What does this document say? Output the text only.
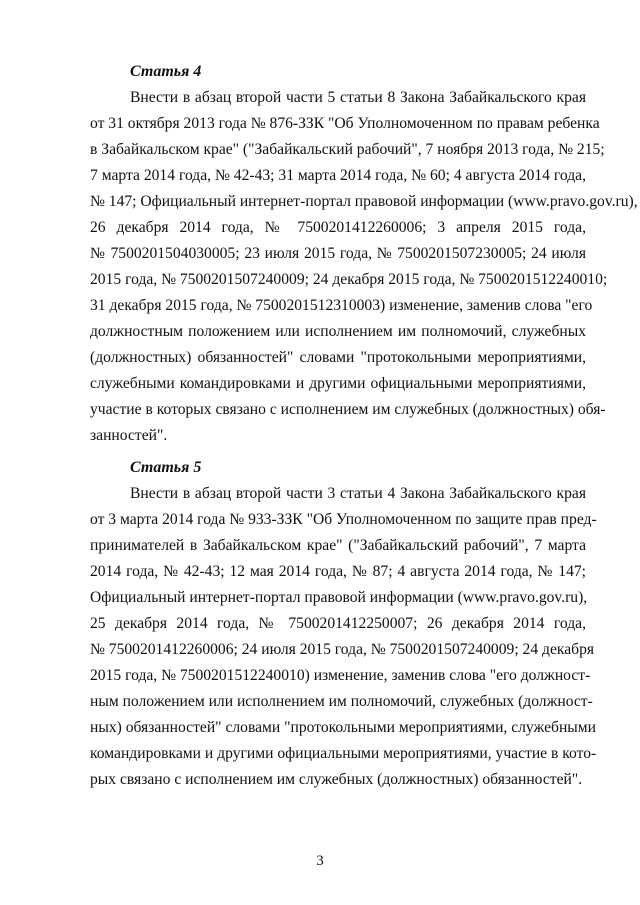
Статья 4
Внести в абзац второй части 5 статьи 8 Закона Забайкальского края
от 31 октября 2013 года № 876-ЗЗК "Об Уполномоченном по правам ребенка
в Забайкальском крае" ("Забайкальский рабочий", 7 ноября 2013 года, № 215;
7 марта 2014 года, № 42-43; 31 марта 2014 года, № 60; 4 августа 2014 года,
№ 147; Официальный интернет-портал правовой информации (www.pravo.gov.ru),
26 декабря 2014 года, № 7500201412260006; 3 апреля 2015 года,
№ 7500201504030005; 23 июля 2015 года, № 7500201507230005; 24 июля
2015 года, № 7500201507240009; 24 декабря 2015 года, № 7500201512240010;
31 декабря 2015 года, № 7500201512310003) изменение, заменив слова "его
должностным положением или исполнением им полномочий, служебных
(должностных) обязанностей" словами "протокольными мероприятиями,
служебными командировками и другими официальными мероприятиями,
участие в которых связано с исполнением им служебных (должностных) обя-
занностей".
Статья 5
Внести в абзац второй части 3 статьи 4 Закона Забайкальского края
от 3 марта 2014 года № 933-ЗЗК "Об Уполномоченном по защите прав пред-
принимателей в Забайкальском крае" ("Забайкальский рабочий", 7 марта
2014 года, № 42-43; 12 мая 2014 года, № 87; 4 августа 2014 года, № 147;
Официальный интернет-портал правовой информации (www.pravo.gov.ru),
25 декабря 2014 года, № 7500201412250007; 26 декабря 2014 года,
№ 7500201412260006; 24 июля 2015 года, № 7500201507240009; 24 декабря
2015 года, № 7500201512240010) изменение, заменив слова "его должност-
ным положением или исполнением им полномочий, служебных (должност-
ных) обязанностей" словами "протокольными мероприятиями, служебными
командировками и другими официальными мероприятиями, участие в кото-
рых связано с исполнением им служебных (должностных) обязанностей".
3
